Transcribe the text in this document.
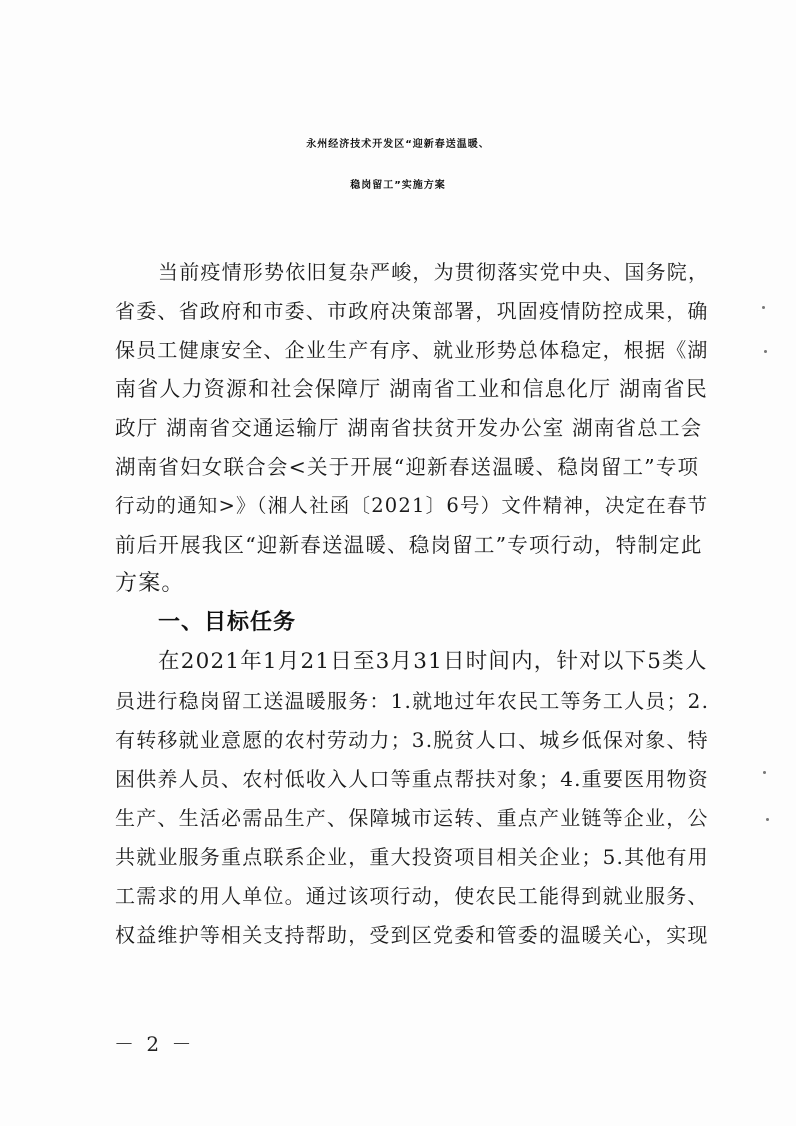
永州经济技术开发区“迎新春送温暖、
稳岗留工”实施方案
当前疫情形势依旧复杂严峻，为贯彻落实党中央、国务院，
省委、省政府和市委、市政府决策部署，巩固疫情防控成果，确
保员工健康安全、企业生产有序、就业形势总体稳定，根据《湖
南省人力资源和社会保障厅 湖南省工业和信息化厅 湖南省民
政厅 湖南省交通运输厅 湖南省扶贫开发办公室 湖南省总工会
湖南省妇女联合会<关于开展“迎新春送温暖、稳岗留工”专项
行动的通知>》（湘人社函〔2021〕6号）文件精神，决定在春节
前后开展我区“迎新春送温暖、稳岗留工”专项行动，特制定此
方案。
一、目标任务
在2021年1月21日至3月31日时间内，针对以下5类人
员进行稳岗留工送温暖服务：1.就地过年农民工等务工人员；2.
有转移就业意愿的农村劳动力；3.脱贫人口、城乡低保对象、特
困供养人员、农村低收入人口等重点帮扶对象；4.重要医用物资
生产、生活必需品生产、保障城市运转、重点产业链等企业，公
共就业服务重点联系企业，重大投资项目相关企业；5.其他有用
工需求的用人单位。通过该项行动，使农民工能得到就业服务、
权益维护等相关支持帮助，受到区党委和管委的温暖关心，实现
－ 2 －
